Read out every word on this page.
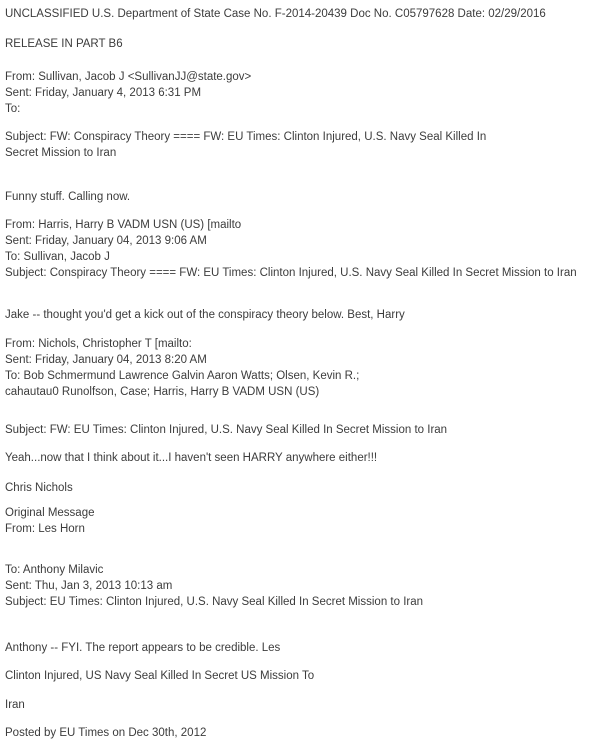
UNCLASSIFIED U.S. Department of State Case No. F-2014-20439 Doc No. C05797628 Date: 02/29/2016
RELEASE IN PART B6
From: Sullivan, Jacob J <SullivanJJ@state.gov>
Sent: Friday, January 4, 2013 6:31 PM
To:
Subject: FW: Conspiracy Theory ==== FW: EU Times: Clinton Injured, U.S. Navy Seal Killed In
Secret Mission to Iran
Funny stuff. Calling now.
From: Harris, Harry B VADM USN (US) [mailto
Sent: Friday, January 04, 2013 9:06 AM
To: Sullivan, Jacob J
Subject: Conspiracy Theory ==== FW: EU Times: Clinton Injured, U.S. Navy Seal Killed In Secret Mission to Iran
Jake -- thought you'd get a kick out of the conspiracy theory below. Best, Harry
From: Nichols, Christopher T [mailto:
Sent: Friday, January 04, 2013 8:20 AM
To: Bob Schmermund Lawrence Galvin Aaron Watts; Olsen, Kevin R.;
cahautau0 Runolfson, Case; Harris, Harry B VADM USN (US)
Subject: FW: EU Times: Clinton Injured, U.S. Navy Seal Killed In Secret Mission to Iran
Yeah...now that I think about it...I haven't seen HARRY anywhere either!!!
Chris Nichols
Original Message
From: Les Horn
To: Anthony Milavic
Sent: Thu, Jan 3, 2013 10:13 am
Subject: EU Times: Clinton Injured, U.S. Navy Seal Killed In Secret Mission to Iran
Anthony -- FYI. The report appears to be credible. Les
Clinton Injured, US Navy Seal Killed In Secret US Mission To
Iran
Posted by EU Times on Dec 30th, 2012
